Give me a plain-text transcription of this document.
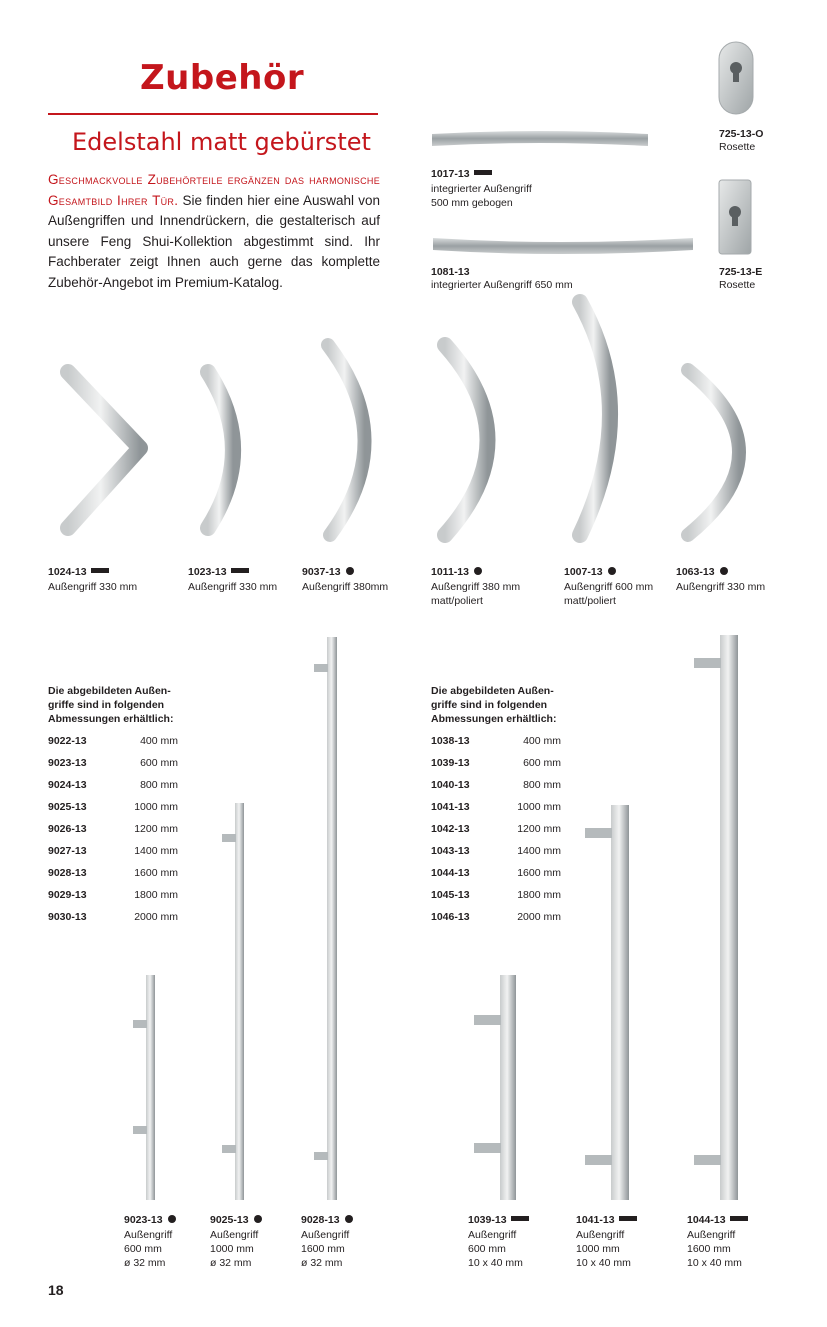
Zubehör
Edelstahl matt gebürstet
Geschmackvolle Zubehörteile ergänzen das harmonische Gesamtbild Ihrer Tür. Sie finden hier eine Auswahl von Außengriffen und Innendrückern, die gestalterisch auf unsere Feng Shui-Kollektion abgestimmt sind. Ihr Fachberater zeigt Ihnen auch gerne das komplette Zubehör-Angebot im Premium-Katalog.
1017-13
integrierter Außengriff
500 mm gebogen
1081-13
integrierter Außengriff 650 mm
725-13-O
Rosette
725-13-E
Rosette
1024-13
Außengriff 330 mm
1023-13
Außengriff 330 mm
9037-13
Außengriff 380mm
1011-13
Außengriff 380 mm
matt/poliert
1007-13
Außengriff 600 mm
matt/poliert
1063-13
Außengriff 330 mm
Die abgebildeten Außen-
griffe sind in folgenden
Abmessungen erhältlich:
9022-13	400 mm
9023-13	600 mm
9024-13	800 mm
9025-13	1000 mm
9026-13	1200 mm
9027-13	1400 mm
9028-13	1600 mm
9029-13	1800 mm
9030-13	2000 mm
Die abgebildeten Außen-
griffe sind in folgenden
Abmessungen erhältlich:
1038-13	400 mm
1039-13	600 mm
1040-13	800 mm
1041-13	1000 mm
1042-13	1200 mm
1043-13	1400 mm
1044-13	1600 mm
1045-13	1800 mm
1046-13	2000 mm
9023-13
Außengriff
600 mm
ø 32 mm
9025-13
Außengriff
1000 mm
ø 32 mm
9028-13
Außengriff
1600 mm
ø 32 mm
1039-13
Außengriff
600 mm
10 x 40 mm
1041-13
Außengriff
1000 mm
10 x 40 mm
1044-13
Außengriff
1600 mm
10 x 40 mm
18
